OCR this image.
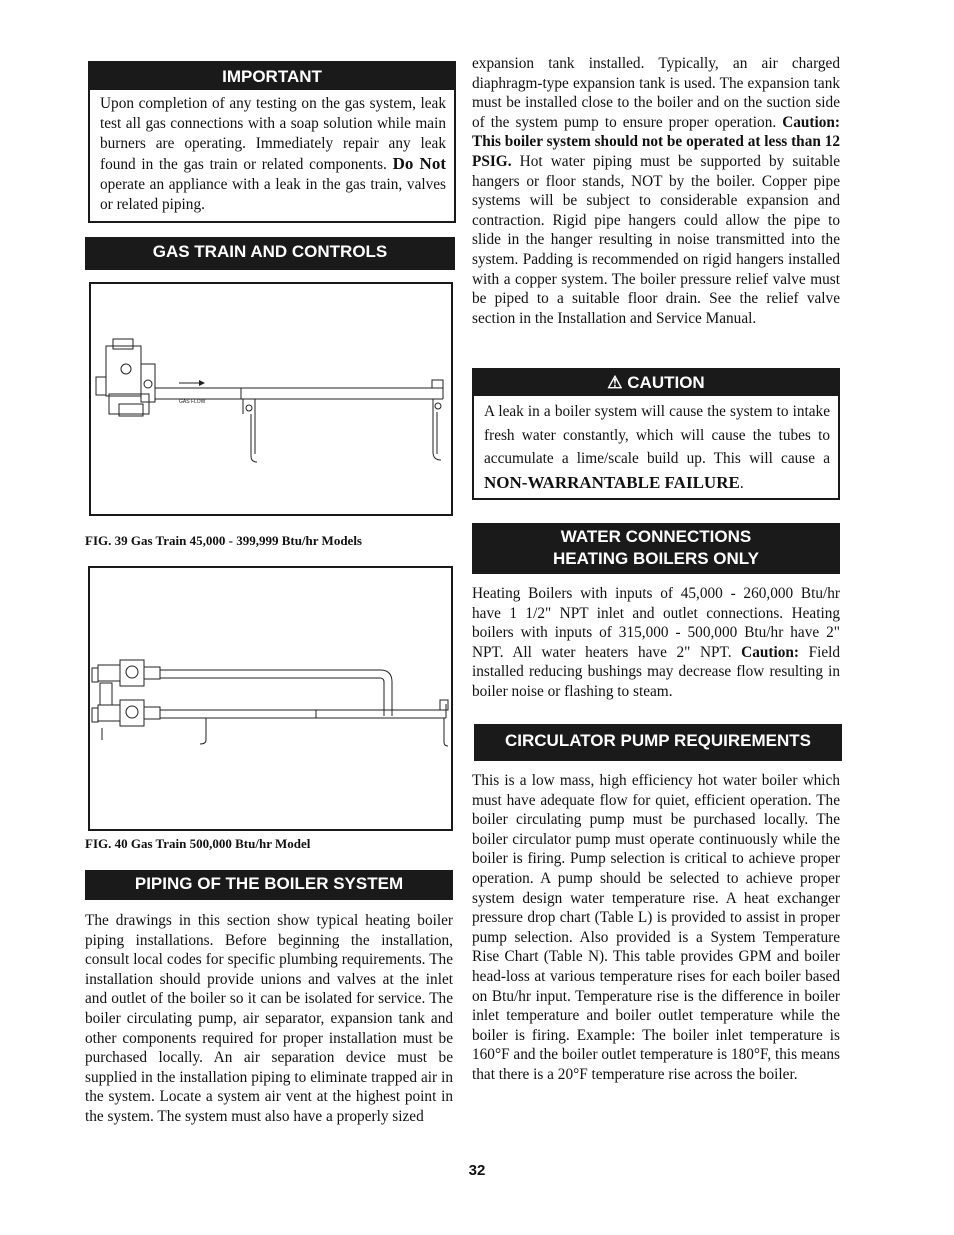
IMPORTANT
Upon completion of any testing on the gas system, leak test all gas connections with a soap solution while main burners are operating. Immediately repair any leak found in the gas train or related components. Do Not operate an appliance with a leak in the gas train, valves or related piping.
GAS TRAIN AND CONTROLS
GAS FLOW
FIG. 39 Gas Train 45,000 - 399,999 Btu/hr Models
FIG. 40 Gas Train 500,000 Btu/hr Model
PIPING OF THE BOILER SYSTEM
The drawings in this section show typical heating boiler piping installations. Before beginning the installation, consult local codes for specific plumbing requirements. The installation should provide unions and valves at the inlet and outlet of the boiler so it can be isolated for service. The boiler circulating pump, air separator, expansion tank and other components required for proper installation must be purchased locally. An air separation device must be supplied in the installation piping to eliminate trapped air in the system. Locate a system air vent at the highest point in the system. The system must also have a properly sized
expansion tank installed. Typically, an air charged diaphragm-type expansion tank is used. The expansion tank must be installed close to the boiler and on the suction side of the system pump to ensure proper operation. Caution: This boiler system should not be operated at less than 12 PSIG. Hot water piping must be supported by suitable hangers or floor stands, NOT by the boiler. Copper pipe systems will be subject to considerable expansion and contraction. Rigid pipe hangers could allow the pipe to slide in the hanger resulting in noise transmitted into the system. Padding is recommended on rigid hangers installed with a copper system. The boiler pressure relief valve must be piped to a suitable floor drain. See the relief valve section in the Installation and Service Manual.
⚠ CAUTION
A leak in a boiler system will cause the system to intake fresh water constantly, which will cause the tubes to accumulate a lime/scale build up. This will cause a NON-WARRANTABLE FAILURE.
WATER CONNECTIONS
HEATING BOILERS ONLY
Heating Boilers with inputs of 45,000 - 260,000 Btu/hr have 1 1/2" NPT inlet and outlet connections. Heating boilers with inputs of 315,000 - 500,000 Btu/hr have 2" NPT. All water heaters have 2" NPT. Caution: Field installed reducing bushings may decrease flow resulting in boiler noise or flashing to steam.
CIRCULATOR PUMP REQUIREMENTS
This is a low mass, high efficiency hot water boiler which must have adequate flow for quiet, efficient operation. The boiler circulating pump must be purchased locally. The boiler circulator pump must operate continuously while the boiler is firing. Pump selection is critical to achieve proper operation. A pump should be selected to achieve proper system design water temperature rise. A heat exchanger pressure drop chart (Table L) is provided to assist in proper pump selection. Also provided is a System Temperature Rise Chart (Table N). This table provides GPM and boiler head-loss at various temperature rises for each boiler based on Btu/hr input. Temperature rise is the difference in boiler inlet temperature and boiler outlet temperature while the boiler is firing. Example: The boiler inlet temperature is 160°F and the boiler outlet temperature is 180°F, this means that there is a 20°F temperature rise across the boiler.
32
